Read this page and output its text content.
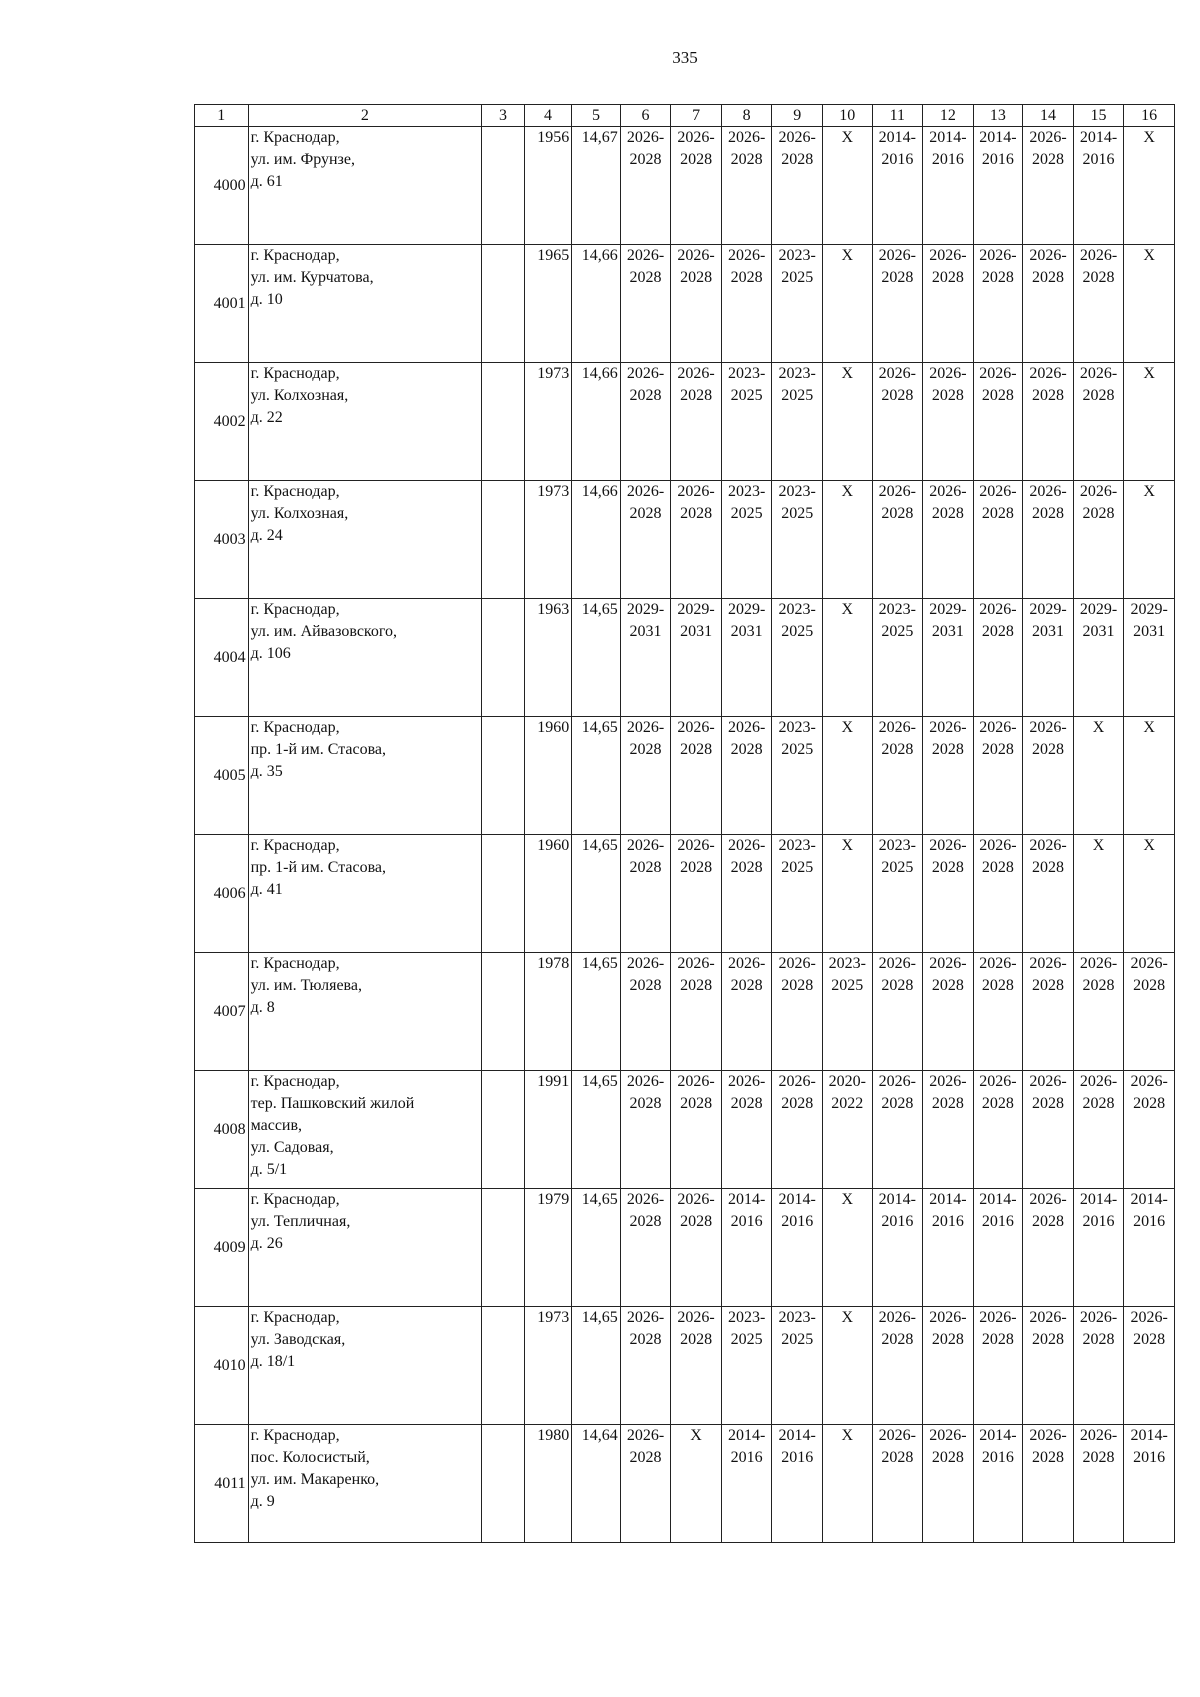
335
1	2	3	4	5	6	7	8	9	10	11	12	13	14	15	16
4000	г. Краснодар,
ул. им. Фрунзе,
д. 61		1956	14,67	2026-
2028	2026-
2028	2026-
2028	2026-
2028	X	2014-
2016	2014-
2016	2014-
2016	2026-
2028	2014-
2016	X
4001	г. Краснодар,
ул. им. Курчатова,
д. 10		1965	14,66	2026-
2028	2026-
2028	2026-
2028	2023-
2025	X	2026-
2028	2026-
2028	2026-
2028	2026-
2028	2026-
2028	X
4002	г. Краснодар,
ул. Колхозная,
д. 22		1973	14,66	2026-
2028	2026-
2028	2023-
2025	2023-
2025	X	2026-
2028	2026-
2028	2026-
2028	2026-
2028	2026-
2028	X
4003	г. Краснодар,
ул. Колхозная,
д. 24		1973	14,66	2026-
2028	2026-
2028	2023-
2025	2023-
2025	X	2026-
2028	2026-
2028	2026-
2028	2026-
2028	2026-
2028	X
4004	г. Краснодар,
ул. им. Айвазовского,
д. 106		1963	14,65	2029-
2031	2029-
2031	2029-
2031	2023-
2025	X	2023-
2025	2029-
2031	2026-
2028	2029-
2031	2029-
2031	2029-
2031

4005	г. Краснодар,
пр. 1-й им. Стасова,
д. 35		1960	14,65	2026-
2028	2026-
2028	2026-
2028	2023-
2025	X	2026-
2028	2026-
2028	2026-
2028	2026-
2028	X	X
4006	г. Краснодар,
пр. 1-й им. Стасова,
д. 41		1960	14,65	2026-
2028	2026-
2028	2026-
2028	2023-
2025	X	2023-
2025	2026-
2028	2026-
2028	2026-
2028	X	X
4007	г. Краснодар,
ул. им. Тюляева,
д. 8		1978	14,65	2026-
2028	2026-
2028	2026-
2028	2026-
2028	2023-
2025	2026-
2028	2026-
2028	2026-
2028	2026-
2028	2026-
2028	2026-
2028

4008	г. Краснодар,
тер. Пашковский жилой
массив,
ул. Садовая,
д. 5/1		1991	14,65	2026-
2028	2026-
2028	2026-
2028	2026-
2028	2020-
2022	2026-
2028	2026-
2028	2026-
2028	2026-
2028	2026-
2028	2026-
2028

4009	г. Краснодар,
ул. Тепличная,
д. 26		1979	14,65	2026-
2028	2026-
2028	2014-
2016	2014-
2016	X	2014-
2016	2014-
2016	2014-
2016	2026-
2028	2014-
2016	2014-
2016

4010	г. Краснодар,
ул. Заводская,
д. 18/1		1973	14,65	2026-
2028	2026-
2028	2023-
2025	2023-
2025	X	2026-
2028	2026-
2028	2026-
2028	2026-
2028	2026-
2028	2026-
2028

4011	г. Краснодар,
пос. Колосистый,
ул. им. Макаренко,
д. 9		1980	14,64	2026-
2028	X	2014-
2016	2014-
2016	X	2026-
2028	2026-
2028	2014-
2016	2026-
2028	2026-
2028	2014-
2016
